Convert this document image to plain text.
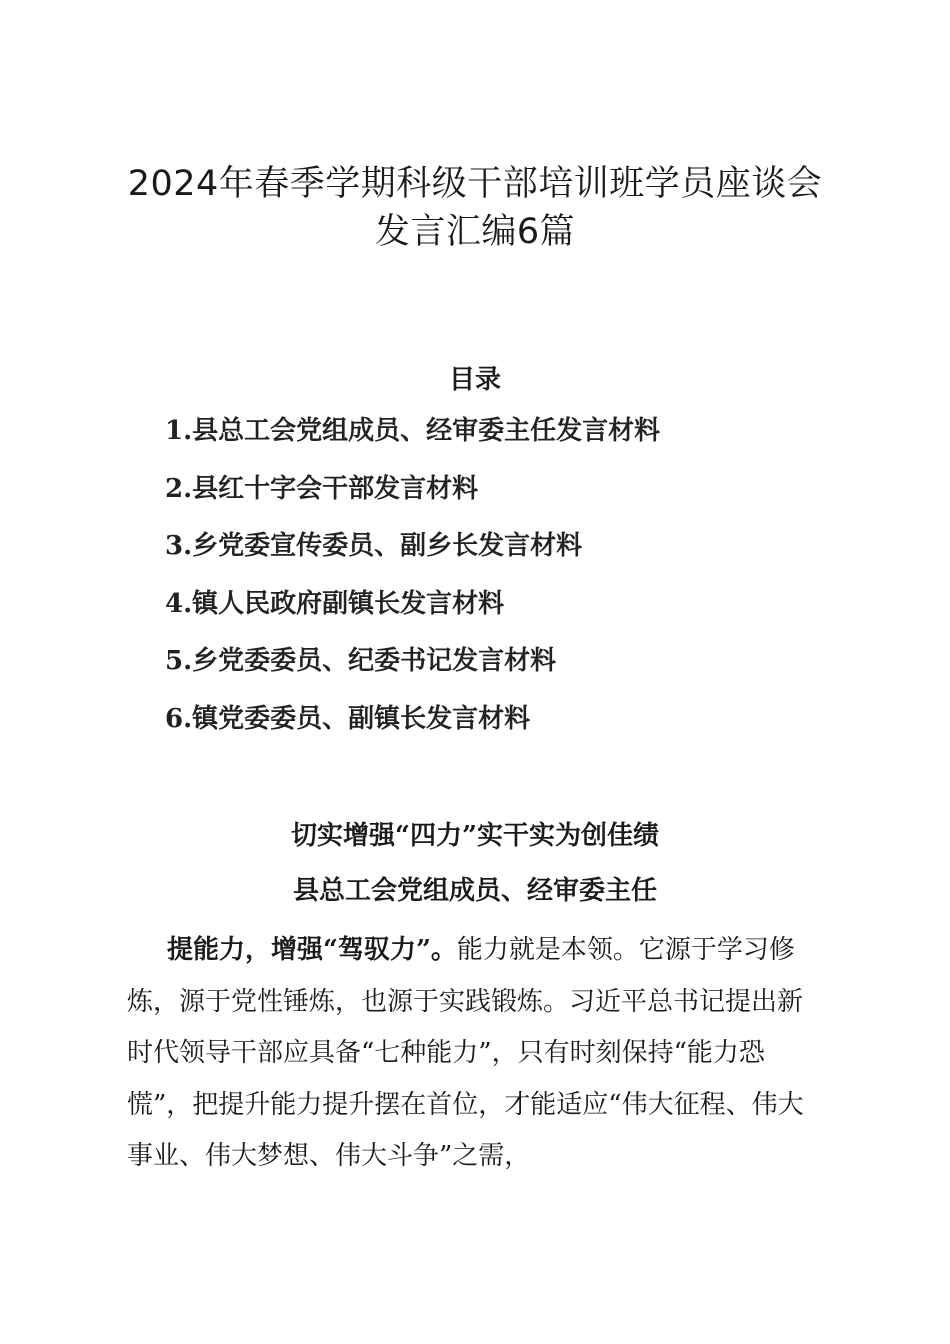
2024年春季学期科级干部培训班学员座谈会
发言汇编6篇
目录
1.县总工会党组成员、经审委主任发言材料
2.县红十字会干部发言材料
3.乡党委宣传委员、副乡长发言材料
4.镇人民政府副镇长发言材料
5.乡党委委员、纪委书记发言材料
6.镇党委委员、副镇长发言材料
切实增强“四力”实干实为创佳绩
县总工会党组成员、经审委主任

提能力，增强“驾驭力”。能力就是本领。它源于学习修炼，源于党性锤炼，也源于实践锻炼。习近平总书记提出新时代领导干部应具备“七种能力”，只有时刻保持“能力恐慌”，把提升能力提升摆在首位，才能适应“伟大征程、伟大事业、伟大梦想、伟大斗争”之需，
